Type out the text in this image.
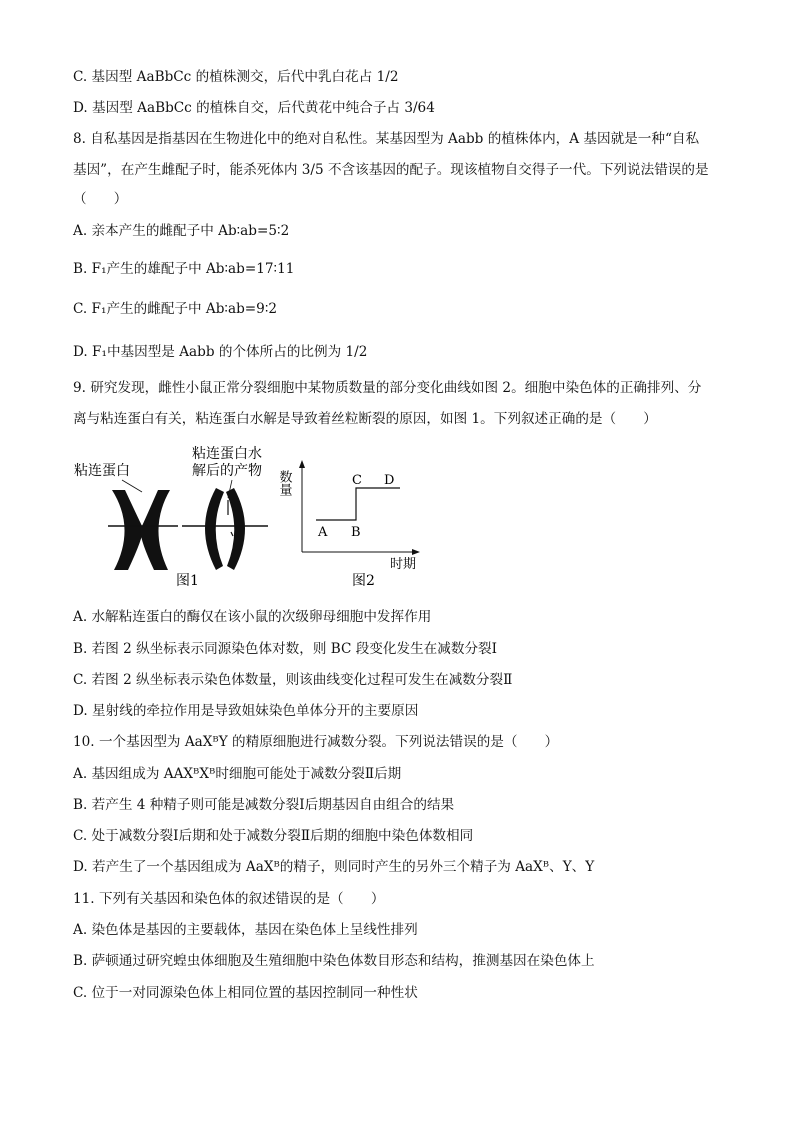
C. 基因型 AaBbCc 的植株测交，后代中乳白花占 1/2
D. 基因型 AaBbCc 的植株自交，后代黄花中纯合子占 3/64
8. 自私基因是指基因在生物进化中的绝对自私性。某基因型为 Aabb 的植株体内，A 基因就是一种“自私
基因”，在产生雌配子时，能杀死体内 3/5 不含该基因的配子。现该植物自交得子一代。下列说法错误的是
（　　）
A. 亲本产生的雌配子中 Ab∶ab=5∶2
B. F₁产生的雄配子中 Ab∶ab=17∶11
C. F₁产生的雌配子中 Ab∶ab=9∶2
D. F₁中基因型是 Aabb 的个体所占的比例为 1/2
9. 研究发现，雌性小鼠正常分裂细胞中某物质数量的部分变化曲线如图 2。细胞中染色体的正确排列、分
离与粘连蛋白有关，粘连蛋白水解是导致着丝粒断裂的原因，如图 1。下列叙述正确的是（　　）
粘连蛋白
粘连蛋白水
解后的产物
图1
数量
时期
A B
C D
图2
A. 水解粘连蛋白的酶仅在该小鼠的次级卵母细胞中发挥作用
B. 若图 2 纵坐标表示同源染色体对数，则 BC 段变化发生在减数分裂Ⅰ
C. 若图 2 纵坐标表示染色体数量，则该曲线变化过程可发生在减数分裂Ⅱ
D. 星射线的牵拉作用是导致姐妹染色单体分开的主要原因
10. 一个基因型为 AaXᴮY 的精原细胞进行减数分裂。下列说法错误的是（　　）
A. 基因组成为 AAXᴮXᴮ时细胞可能处于减数分裂Ⅱ后期
B. 若产生 4 种精子则可能是减数分裂Ⅰ后期基因自由组合的结果
C. 处于减数分裂Ⅰ后期和处于减数分裂Ⅱ后期的细胞中染色体数相同
D. 若产生了一个基因组成为 AaXᴮ的精子，则同时产生的另外三个精子为 AaXᴮ、Y、Y
11. 下列有关基因和染色体的叙述错误的是（　　）
A. 染色体是基因的主要载体，基因在染色体上呈线性排列
B. 萨顿通过研究蝗虫体细胞及生殖细胞中染色体数目形态和结构，推测基因在染色体上
C. 位于一对同源染色体上相同位置的基因控制同一种性状
